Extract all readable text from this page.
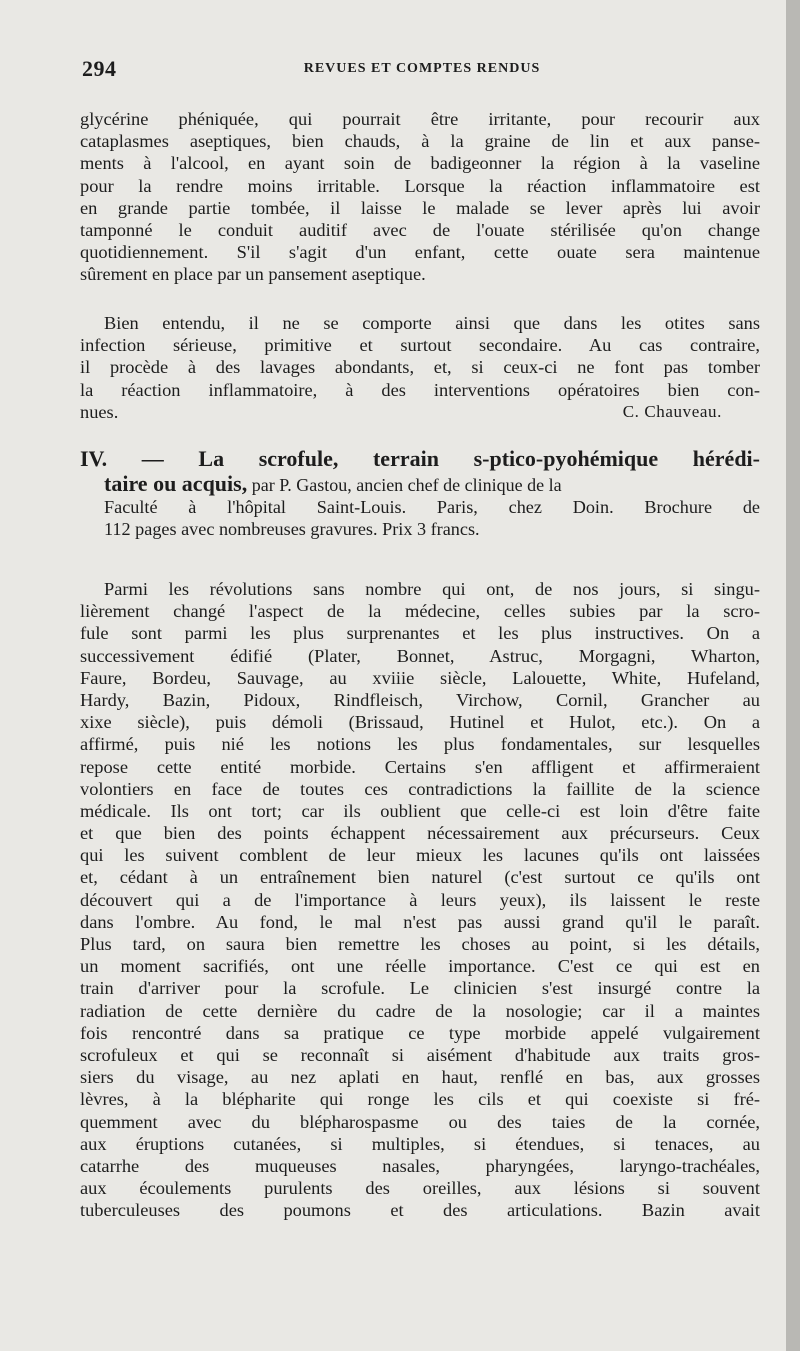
294	REVUES ET COMPTES RENDUS
glycérine phéniquée, qui pourrait être irritante, pour recourir aux
cataplasmes aseptiques, bien chauds, à la graine de lin et aux panse-
ments à l'alcool, en ayant soin de badigeonner la région à la vaseline
pour la rendre moins irritable. Lorsque la réaction inflammatoire est
en grande partie tombée, il laisse le malade se lever après lui avoir
tamponné le conduit auditif avec de l'ouate stérilisée qu'on change
quotidiennement. S'il s'agit d'un enfant, cette ouate sera maintenue
sûrement en place par un pansement aseptique.
Bien entendu, il ne se comporte ainsi que dans les otites sans
infection sérieuse, primitive et surtout secondaire. Au cas contraire,
il procède à des lavages abondants, et, si ceux-ci ne font pas tomber
la réaction inflammatoire, à des interventions opératoires bien con-
nues.	C. Chauveau.
IV. — La scrofule, terrain s-ptico-pyohémique hérédi-
taire ou acquis, par P. Gastou, ancien chef de clinique de la
Faculté à l'hôpital Saint-Louis. Paris, chez Doin. Brochure de
112 pages avec nombreuses gravures. Prix 3 francs.
Parmi les révolutions sans nombre qui ont, de nos jours, si singu-
lièrement changé l'aspect de la médecine, celles subies par la scro-
fule sont parmi les plus surprenantes et les plus instructives. On a
successivement édifié (Plater, Bonnet, Astruc, Morgagni, Wharton,
Faure, Bordeu, Sauvage, au xviiie siècle, Lalouette, White, Hufeland,
Hardy, Bazin, Pidoux, Rindfleisch, Virchow, Cornil, Grancher au
xixe siècle), puis démoli (Brissaud, Hutinel et Hulot, etc.). On a
affirmé, puis nié les notions les plus fondamentales, sur lesquelles
repose cette entité morbide. Certains s'en affligent et affirmeraient
volontiers en face de toutes ces contradictions la faillite de la science
médicale. Ils ont tort; car ils oublient que celle-ci est loin d'être faite
et que bien des points échappent nécessairement aux précurseurs. Ceux
qui les suivent comblent de leur mieux les lacunes qu'ils ont laissées
et, cédant à un entraînement bien naturel (c'est surtout ce qu'ils ont
découvert qui a de l'importance à leurs yeux), ils laissent le reste
dans l'ombre. Au fond, le mal n'est pas aussi grand qu'il le paraît.
Plus tard, on saura bien remettre les choses au point, si les détails,
un moment sacrifiés, ont une réelle importance. C'est ce qui est en
train d'arriver pour la scrofule. Le clinicien s'est insurgé contre la
radiation de cette dernière du cadre de la nosologie; car il a maintes
fois rencontré dans sa pratique ce type morbide appelé vulgairement
scrofuleux et qui se reconnaît si aisément d'habitude aux traits gros-
siers du visage, au nez aplati en haut, renflé en bas, aux grosses
lèvres, à la blépharite qui ronge les cils et qui coexiste si fré-
quemment avec du blépharospasme ou des taies de la cornée,
aux éruptions cutanées, si multiples, si étendues, si tenaces, au
catarrhe des muqueuses nasales, pharyngées, laryngo-trachéales,
aux écoulements purulents des oreilles, aux lésions si souvent
tuberculeuses des poumons et des articulations. Bazin avait
